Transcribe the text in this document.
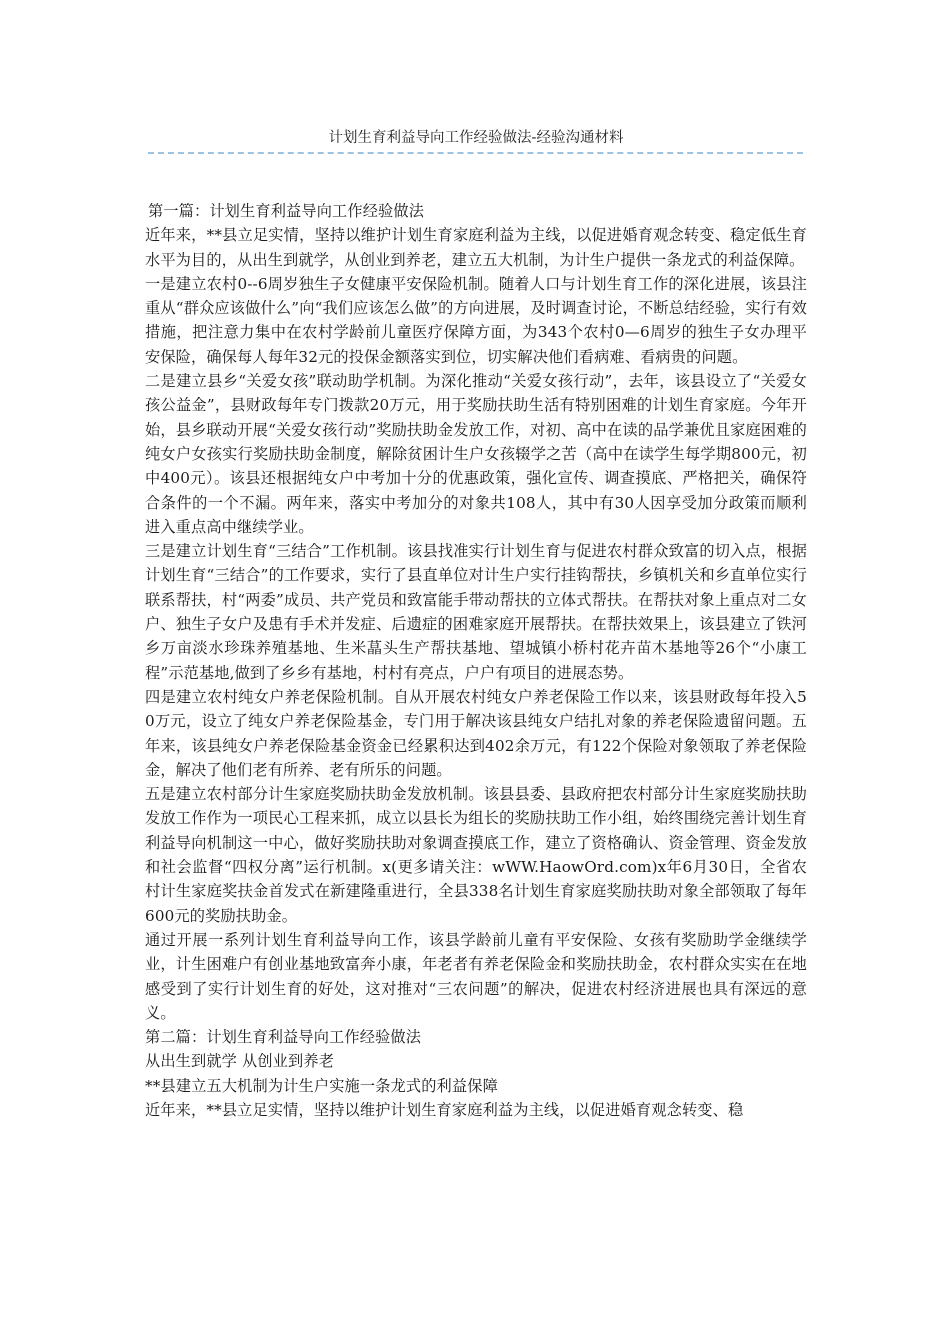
计划生育利益导向工作经验做法-经验沟通材料

第一篇：计划生育利益导向工作经验做法

近年来，**县立足实情，坚持以维护计划生育家庭利益为主线，以促进婚育观念转变、稳定低生育水平为目的，从出生到就学，从创业到养老，建立五大机制，为计生户提供一条龙式的利益保障。

一是建立农村0--6周岁独生子女健康平安保险机制。随着人口与计划生育工作的深化进展，该县注重从“群众应该做什么”向“我们应该怎么做”的方向进展，及时调查讨论，不断总结经验，实行有效措施，把注意力集中在农村学龄前儿童医疗保障方面，为343个农村0—6周岁的独生子女办理平安保险，确保每人每年32元的投保金额落实到位，切实解决他们看病难、看病贵的问题。

二是建立县乡“关爱女孩”联动助学机制。为深化推动“关爱女孩行动”，去年，该县设立了“关爱女孩公益金”，县财政每年专门拨款20万元，用于奖励扶助生活有特别困难的计划生育家庭。今年开始，县乡联动开展“关爱女孩行动”奖励扶助金发放工作，对初、高中在读的品学兼优且家庭困难的纯女户女孩实行奖励扶助金制度，解除贫困计生户女孩辍学之苦（高中在读学生每学期800元，初中400元）。该县还根据纯女户中考加十分的优惠政策，强化宣传、调查摸底、严格把关，确保符合条件的一个不漏。两年来，落实中考加分的对象共108人，其中有30人因享受加分政策而顺利进入重点高中继续学业。

三是建立计划生育“三结合”工作机制。该县找准实行计划生育与促进农村群众致富的切入点，根据计划生育“三结合”的工作要求，实行了县直单位对计生户实行挂钩帮扶，乡镇机关和乡直单位实行联系帮扶，村“两委”成员、共产党员和致富能手带动帮扶的立体式帮扶。在帮扶对象上重点对二女户、独生子女户及患有手术并发症、后遗症的困难家庭开展帮扶。在帮扶效果上，该县建立了铁河乡万亩淡水珍珠养殖基地、生米蕌头生产帮扶基地、望城镇小桥村花卉苗木基地等26个“小康工程”示范基地,做到了乡乡有基地，村村有亮点，户户有项目的进展态势。

四是建立农村纯女户养老保险机制。自从开展农村纯女户养老保险工作以来，该县财政每年投入50万元，设立了纯女户养老保险基金，专门用于解决该县纯女户结扎对象的养老保险遗留问题。五年来，该县纯女户养老保险基金资金已经累积达到402余万元，有122个保险对象领取了养老保险金，解决了他们老有所养、老有所乐的问题。

五是建立农村部分计生家庭奖励扶助金发放机制。该县县委、县政府把农村部分计生家庭奖励扶助发放工作作为一项民心工程来抓，成立以县长为组长的奖励扶助工作小组，始终围绕完善计划生育利益导向机制这一中心，做好奖励扶助对象调查摸底工作，建立了资格确认、资金管理、资金发放和社会监督“四权分离”运行机制。x(更多请关注：wWW.HaowOrd.com)x年6月30日，全省农村计生家庭奖扶金首发式在新建隆重进行，全县338名计划生育家庭奖励扶助对象全部领取了每年600元的奖励扶助金。

通过开展一系列计划生育利益导向工作，该县学龄前儿童有平安保险、女孩有奖励助学金继续学业，计生困难户有创业基地致富奔小康，年老者有养老保险金和奖励扶助金，农村群众实实在在地感受到了实行计划生育的好处，这对推对“三农问题”的解决，促进农村经济进展也具有深远的意义。

第二篇：计划生育利益导向工作经验做法

从出生到就学 从创业到养老

**县建立五大机制为计生户实施一条龙式的利益保障

近年来，**县立足实情，坚持以维护计划生育家庭利益为主线，以促进婚育观念转变、稳
